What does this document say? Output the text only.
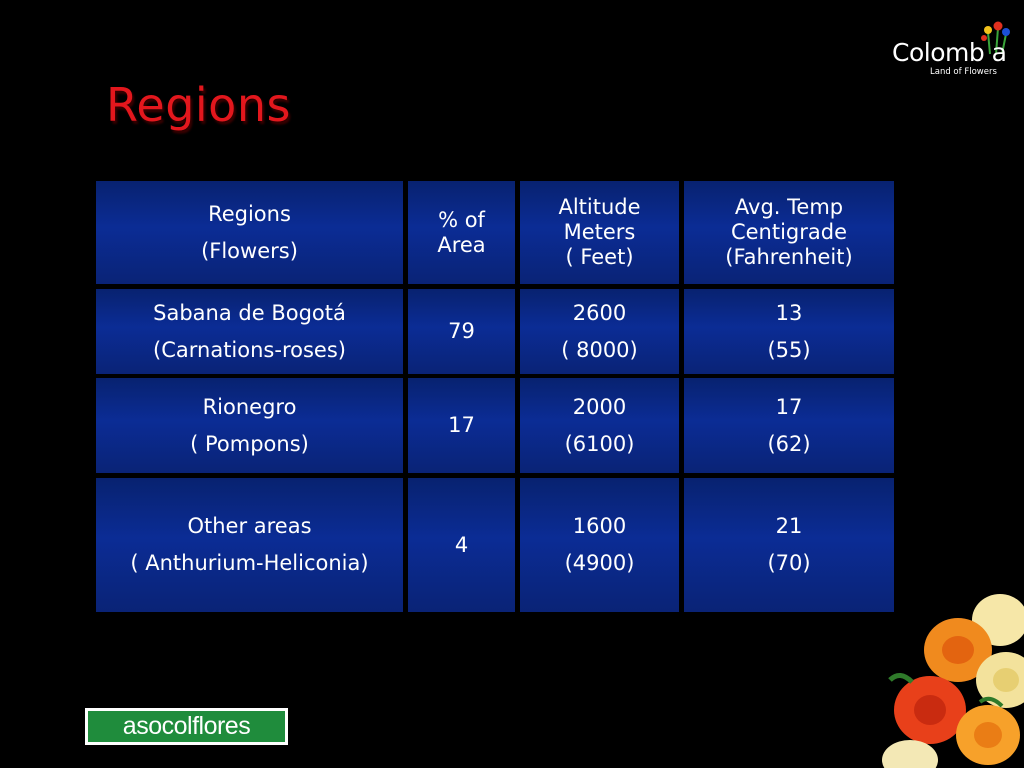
Regions
Colomb a
Land of Flowers
Regions
(Flowers)
% of
Area
Altitude
Meters
( Feet)
Avg. Temp
Centigrade
(Fahrenheit)
Sabana de Bogotá
(Carnations-roses)
79
2600
( 8000)
13
(55)
Rionegro
( Pompons)
17
2000
(6100)
17
(62)
Other areas
( Anthurium-Heliconia)
4
1600
(4900)
21
(70)
asocolflores
